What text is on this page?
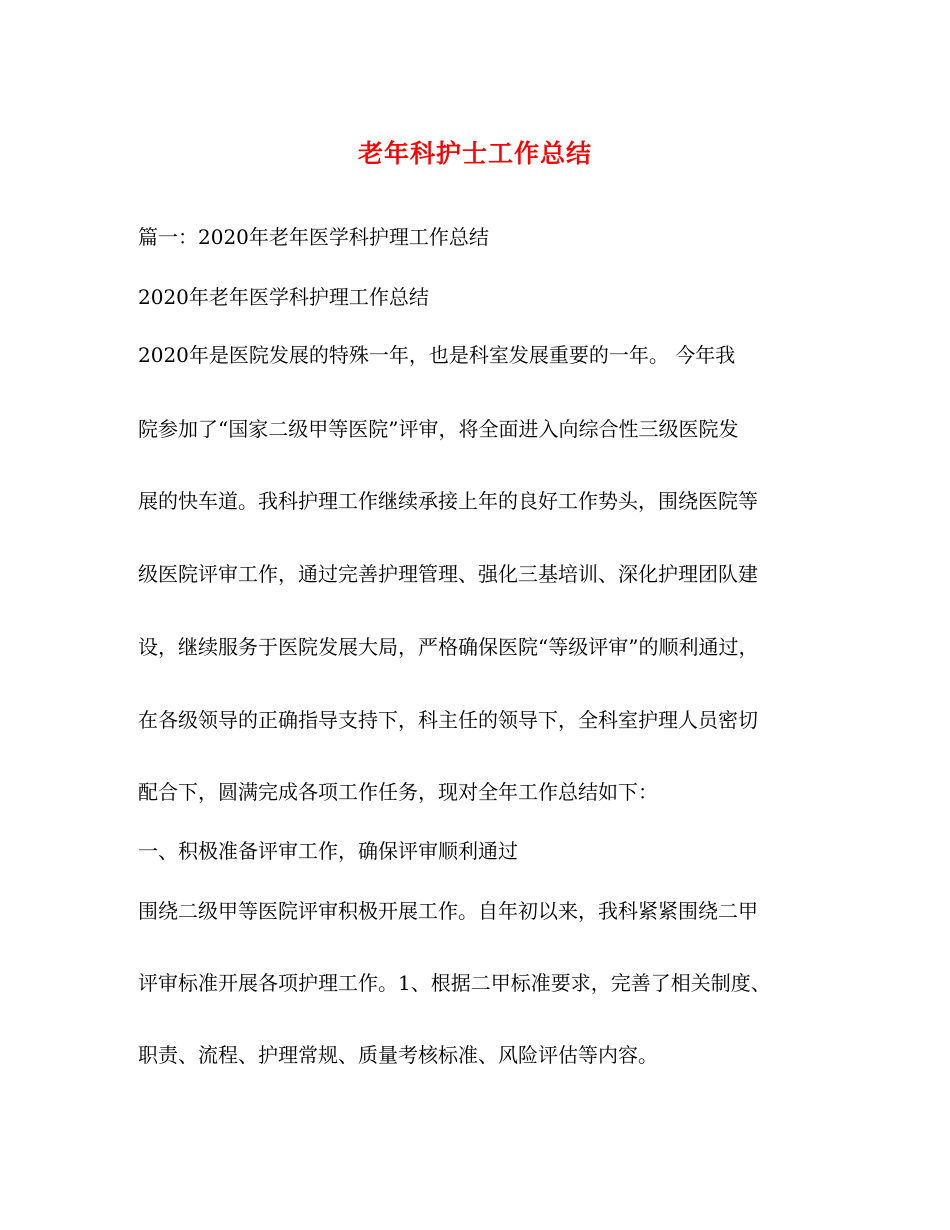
老年科护士工作总结
篇一：2020年老年医学科护理工作总结
2020年老年医学科护理工作总结
2020年是医院发展的特殊一年，也是科室发展重要的一年。 今年我
院参加了“国家二级甲等医院”评审，将全面进入向综合性三级医院发
展的快车道。我科护理工作继续承接上年的良好工作势头，围绕医院等
级医院评审工作，通过完善护理管理、强化三基培训、深化护理团队建
设，继续服务于医院发展大局，严格确保医院“等级评审”的顺利通过，
在各级领导的正确指导支持下，科主任的领导下，全科室护理人员密切
配合下，圆满完成各项工作任务，现对全年工作总结如下：
一、积极准备评审工作，确保评审顺利通过
围绕二级甲等医院评审积极开展工作。自年初以来，我科紧紧围绕二甲
评审标准开展各项护理工作。1、根据二甲标准要求，完善了相关制度、
职责、流程、护理常规、质量考核标准、风险评估等内容。
